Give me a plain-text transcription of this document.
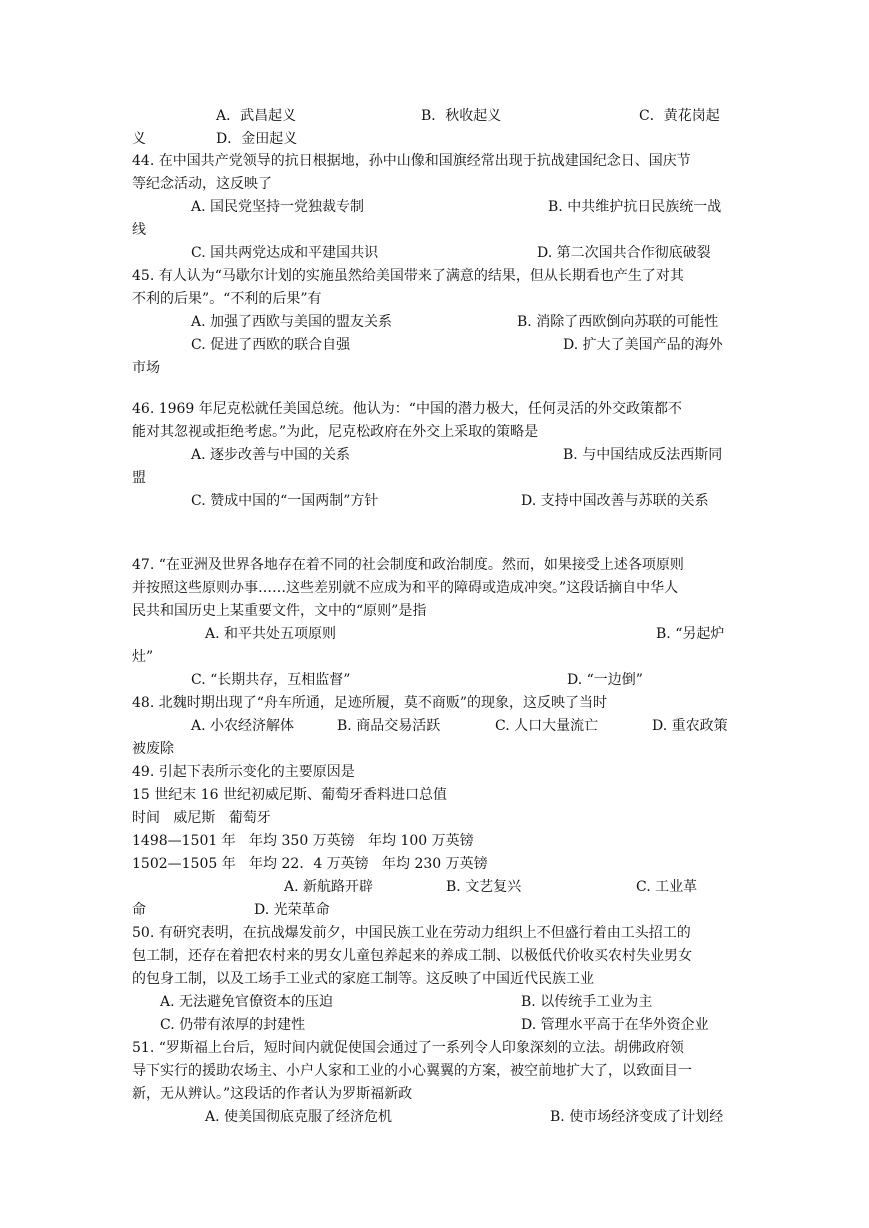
A．武昌起义	B．秋收起义	C．黄花岗起
义	D．金田起义
44. 在中国共产党领导的抗日根据地，孙中山像和国旗经常出现于抗战建国纪念日、国庆节
等纪念活动，这反映了
A. 国民党坚持一党独裁专制	B. 中共维护抗日民族统一战
线
C. 国共两党达成和平建国共识	D. 第二次国共合作彻底破裂
45. 有人认为“马歇尔计划的实施虽然给美国带来了满意的结果，但从长期看也产生了对其
不利的后果”。“不利的后果”有
A. 加强了西欧与美国的盟友关系	B. 消除了西欧倒向苏联的可能性
C. 促进了西欧的联合自强	D. 扩大了美国产品的海外
市场
46. 1969 年尼克松就任美国总统。他认为：“中国的潜力极大，任何灵活的外交政策都不
能对其忽视或拒绝考虑。”为此，尼克松政府在外交上采取的策略是
A. 逐步改善与中国的关系	B. 与中国结成反法西斯同
盟
C. 赞成中国的“一国两制”方针	D. 支持中国改善与苏联的关系
47. “在亚洲及世界各地存在着不同的社会制度和政治制度。然而，如果接受上述各项原则
并按照这些原则办事……这些差别就不应成为和平的障碍或造成冲突。”这段话摘自中华人
民共和国历史上某重要文件，文中的“原则”是指
A. 和平共处五项原则	B. “另起炉
灶”
C. “长期共存，互相监督”	D. “一边倒”
48. 北魏时期出现了“舟车所通，足迹所履，莫不商贩”的现象，这反映了当时
A. 小农经济解体	B. 商品交易活跃	C. 人口大量流亡	D. 重农政策
被废除
49. 引起下表所示变化的主要原因是
15 世纪末 16 世纪初威尼斯、葡萄牙香料进口总值
时间   威尼斯   葡萄牙
1498—1501 年   年均 350 万英镑   年均 100 万英镑
1502—1505 年   年均 22．4 万英镑   年均 230 万英镑
A. 新航路开辟	B. 文艺复兴	C. 工业革
命	D. 光荣革命
50. 有研究表明，在抗战爆发前夕，中国民族工业在劳动力组织上不但盛行着由工头招工的
包工制，还存在着把农村来的男女儿童包养起来的养成工制、以极低代价收买农村失业男女
的包身工制，以及工场手工业式的家庭工制等。这反映了中国近代民族工业
A. 无法避免官僚资本的压迫	B. 以传统手工业为主
C. 仍带有浓厚的封建性	D. 管理水平高于在华外资企业
51. “罗斯福上台后，短时间内就促使国会通过了一系列令人印象深刻的立法。胡佛政府领
导下实行的援助农场主、小户人家和工业的小心翼翼的方案，被空前地扩大了，以致面目一
新，无从辨认。”这段话的作者认为罗斯福新政
A. 使美国彻底克服了经济危机	B. 使市场经济变成了计划经
